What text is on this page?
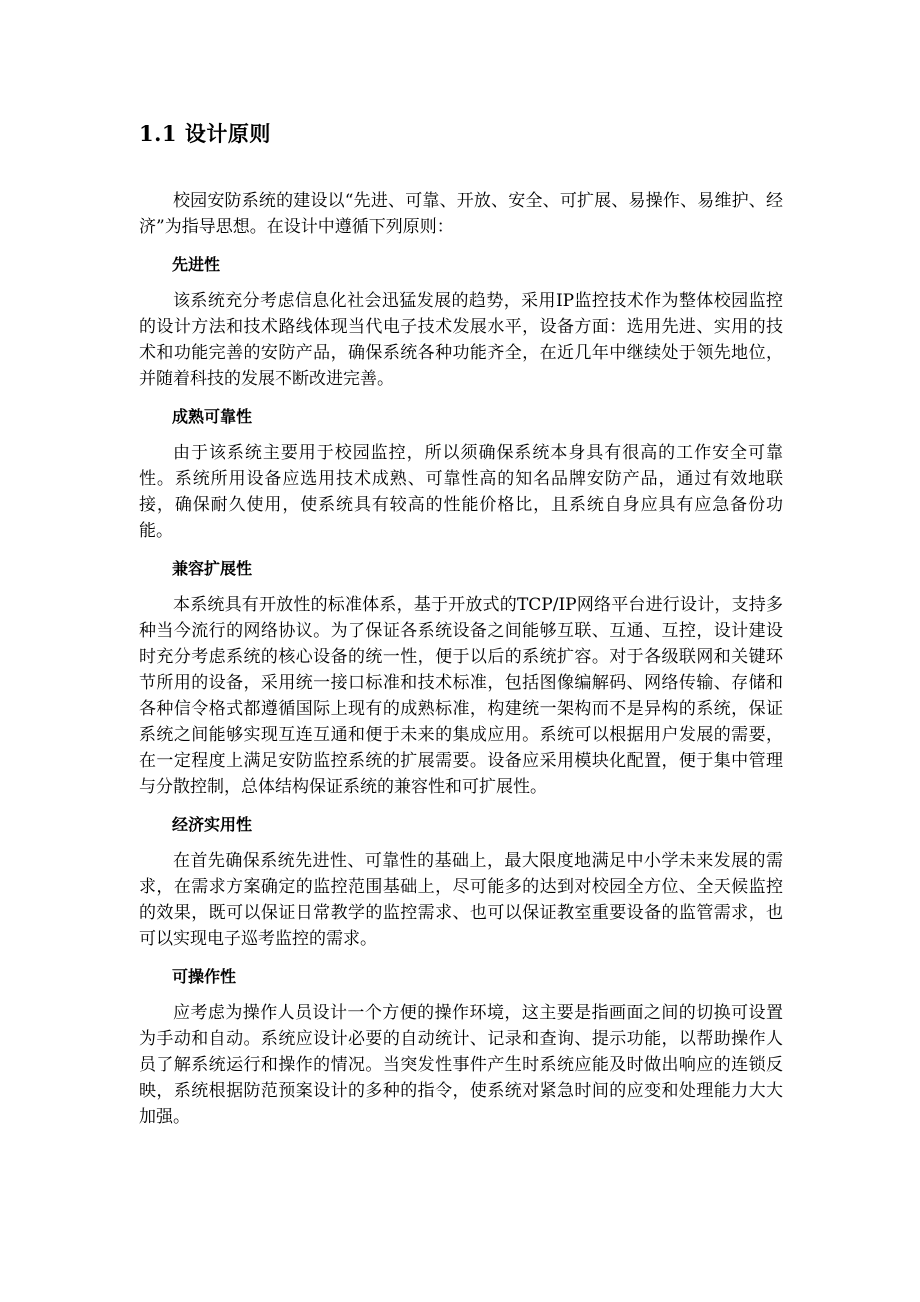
1.1 设计原则

校园安防系统的建设以“先进、可靠、开放、安全、可扩展、易操作、易维护、经济”为指导思想。在设计中遵循下列原则：

先进性

该系统充分考虑信息化社会迅猛发展的趋势，采用IP监控技术作为整体校园监控的设计方法和技术路线体现当代电子技术发展水平，设备方面：选用先进、实用的技术和功能完善的安防产品，确保系统各种功能齐全，在近几年中继续处于领先地位，并随着科技的发展不断改进完善。

成熟可靠性

由于该系统主要用于校园监控，所以须确保系统本身具有很高的工作安全可靠性。系统所用设备应选用技术成熟、可靠性高的知名品牌安防产品，通过有效地联接，确保耐久使用，使系统具有较高的性能价格比，且系统自身应具有应急备份功能。

兼容扩展性

本系统具有开放性的标准体系，基于开放式的TCP/IP网络平台进行设计，支持多种当今流行的网络协议。为了保证各系统设备之间能够互联、互通、互控，设计建设时充分考虑系统的核心设备的统一性，便于以后的系统扩容。对于各级联网和关键环节所用的设备，采用统一接口标准和技术标准，包括图像编解码、网络传输、存储和各种信令格式都遵循国际上现有的成熟标准，构建统一架构而不是异构的系统，保证系统之间能够实现互连互通和便于未来的集成应用。系统可以根据用户发展的需要，在一定程度上满足安防监控系统的扩展需要。设备应采用模块化配置，便于集中管理与分散控制，总体结构保证系统的兼容性和可扩展性。

经济实用性

在首先确保系统先进性、可靠性的基础上，最大限度地满足中小学未来发展的需求，在需求方案确定的监控范围基础上，尽可能多的达到对校园全方位、全天候监控的效果，既可以保证日常教学的监控需求、也可以保证教室重要设备的监管需求，也可以实现电子巡考监控的需求。

可操作性

应考虑为操作人员设计一个方便的操作环境，这主要是指画面之间的切换可设置为手动和自动。系统应设计必要的自动统计、记录和查询、提示功能，以帮助操作人员了解系统运行和操作的情况。当突发性事件产生时系统应能及时做出响应的连锁反映，系统根据防范预案设计的多种的指令，使系统对紧急时间的应变和处理能力大大加强。
